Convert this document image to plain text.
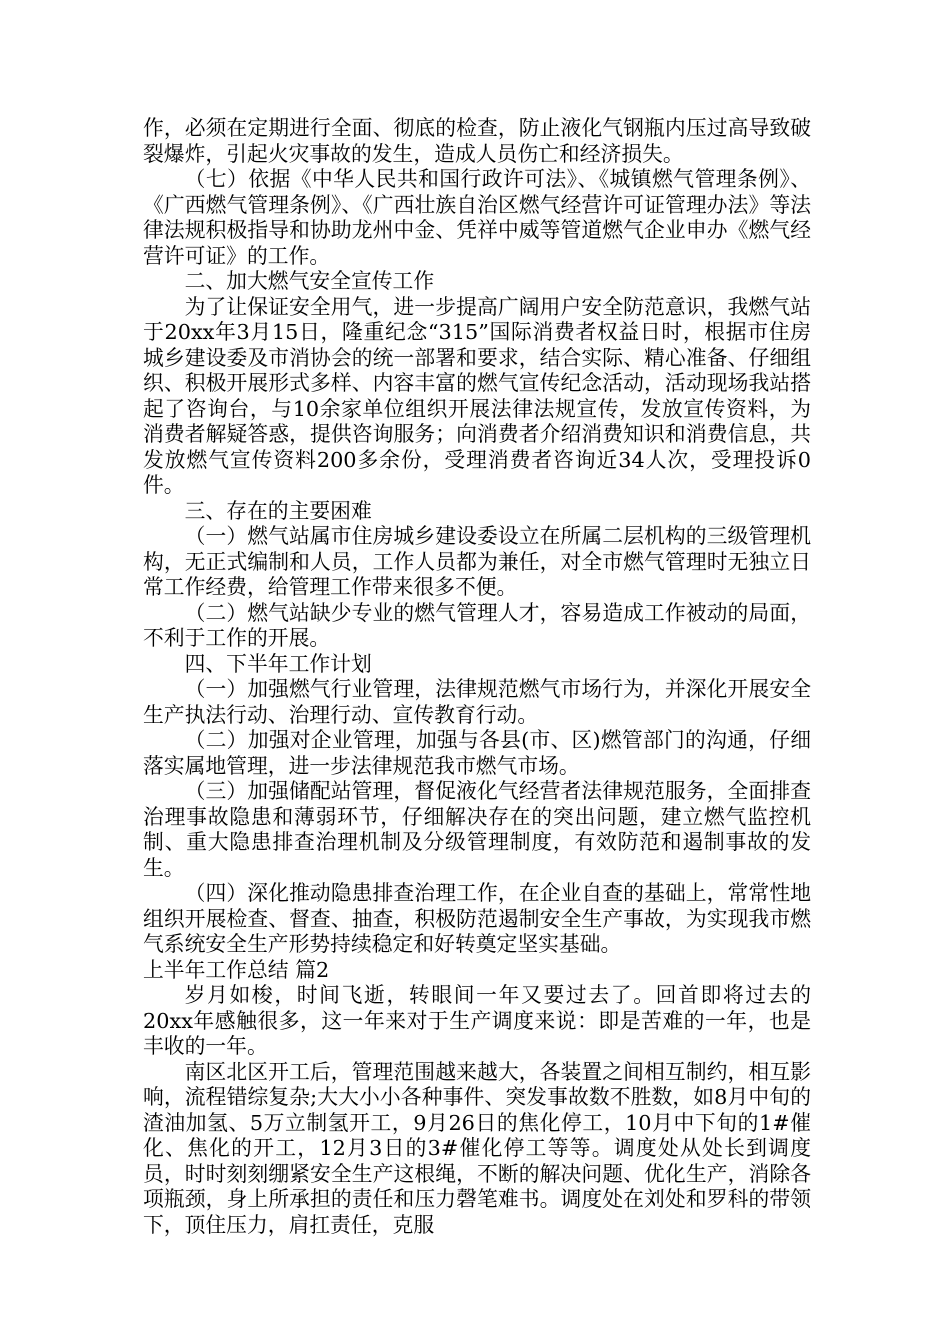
作，必须在定期进行全面、彻底的检查，防止液化气钢瓶内压过高导致破裂爆炸，引起火灾事故的发生，造成人员伤亡和经济损失。

（七）依据《中华人民共和国行政许可法》、《城镇燃气管理条例》、《广西燃气管理条例》、《广西壮族自治区燃气经营许可证管理办法》等法律法规积极指导和协助龙州中金、凭祥中威等管道燃气企业申办《燃气经营许可证》的工作。

二、加大燃气安全宣传工作

为了让保证安全用气，进一步提高广阔用户安全防范意识，我燃气站于20xx年3月15日，隆重纪念“315”国际消费者权益日时，根据市住房城乡建设委及市消协会的统一部署和要求，结合实际、精心准备、仔细组织、积极开展形式多样、内容丰富的燃气宣传纪念活动，活动现场我站搭起了咨询台，与10余家单位组织开展法律法规宣传，发放宣传资料，为消费者解疑答惑，提供咨询服务；向消费者介绍消费知识和消费信息，共发放燃气宣传资料200多余份，受理消费者咨询近34人次，受理投诉0件。

三、存在的主要困难

（一）燃气站属市住房城乡建设委设立在所属二层机构的三级管理机构，无正式编制和人员，工作人员都为兼任，对全市燃气管理时无独立日常工作经费，给管理工作带来很多不便。

（二）燃气站缺少专业的燃气管理人才，容易造成工作被动的局面，不利于工作的开展。

四、下半年工作计划

（一）加强燃气行业管理，法律规范燃气市场行为，并深化开展安全生产执法行动、治理行动、宣传教育行动。

（二）加强对企业管理，加强与各县(市、区)燃管部门的沟通，仔细落实属地管理，进一步法律规范我市燃气市场。

（三）加强储配站管理，督促液化气经营者法律规范服务，全面排查治理事故隐患和薄弱环节，仔细解决存在的突出问题，建立燃气监控机制、重大隐患排查治理机制及分级管理制度，有效防范和遏制事故的发生。

（四）深化推动隐患排查治理工作，在企业自查的基础上，常常性地组织开展检查、督查、抽查，积极防范遏制安全生产事故，为实现我市燃气系统安全生产形势持续稳定和好转奠定坚实基础。

上半年工作总结 篇2

岁月如梭，时间飞逝，转眼间一年又要过去了。回首即将过去的20xx年感触很多，这一年来对于生产调度来说：即是苦难的一年，也是丰收的一年。

南区北区开工后，管理范围越来越大，各装置之间相互制约，相互影响，流程错综复杂;大大小小各种事件、突发事故数不胜数，如8月中旬的渣油加氢、5万立制氢开工，9月26日的焦化停工，10月中下旬的1#催化、焦化的开工，12月3日的3#催化停工等等。调度处从处长到调度员，时时刻刻绷紧安全生产这根绳，不断的解决问题、优化生产，消除各项瓶颈，身上所承担的责任和压力磬笔难书。调度处在刘处和罗科的带领下，顶住压力，肩扛责任，克服
